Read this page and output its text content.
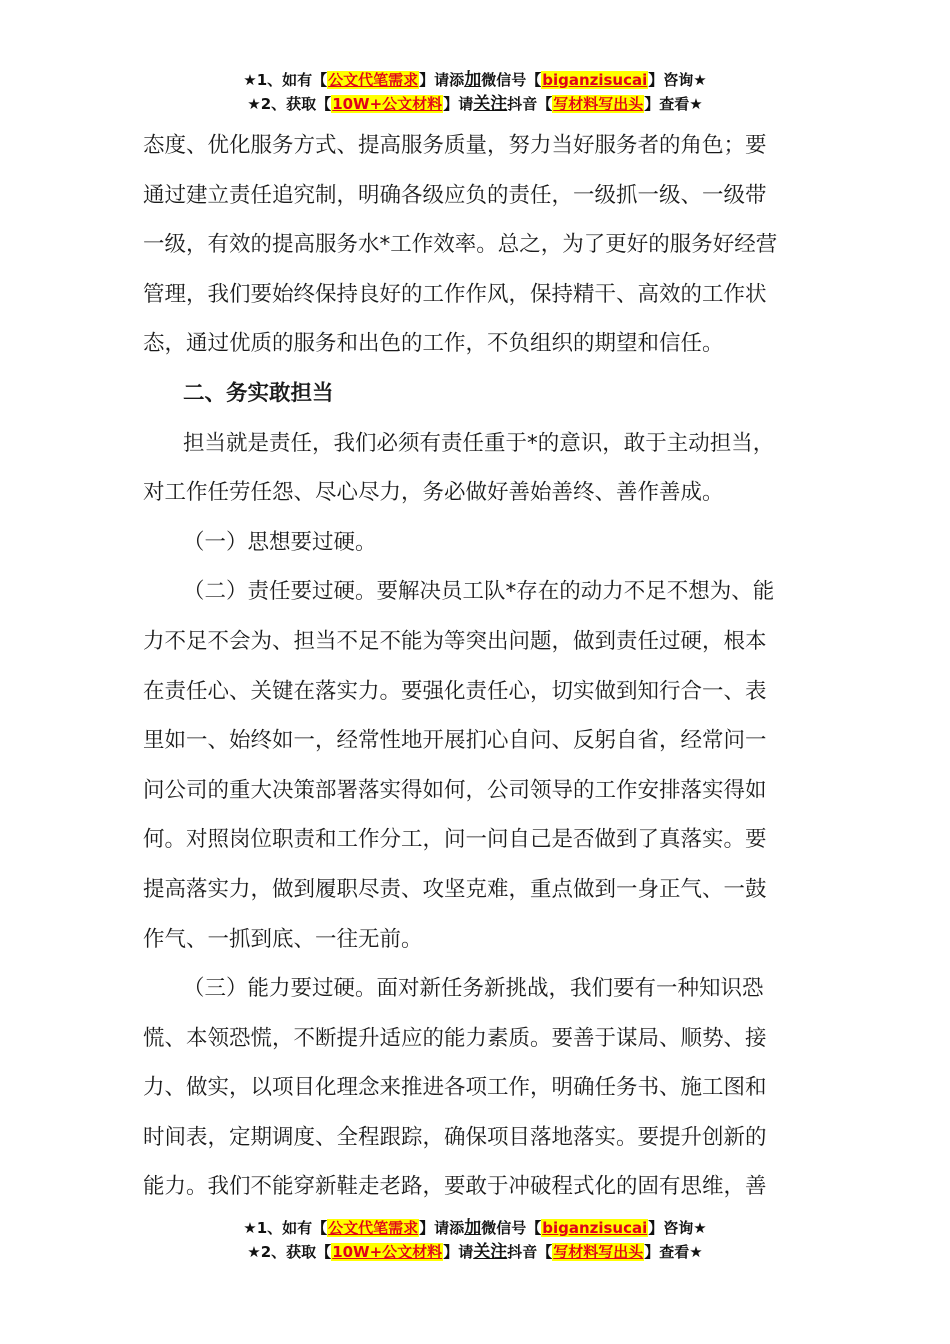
★1、如有【公文代笔需求】请添加微信号【biganzisucai】咨询★
★2、获取【10W+公文材料】请关注抖音【写材料写出头】查看★
态度、优化服务方式、提高服务质量，努力当好服务者的角色；要
通过建立责任追究制，明确各级应负的责任，一级抓一级、一级带
一级，有效的提高服务水*工作效率。总之，为了更好的服务好经营
管理，我们要始终保持良好的工作作风，保持精干、高效的工作状
态，通过优质的服务和出色的工作，不负组织的期望和信任。
二、务实敢担当
担当就是责任，我们必须有责任重于*的意识，敢于主动担当，
对工作任劳任怨、尽心尽力，务必做好善始善终、善作善成。
（一）思想要过硬。
（二）责任要过硬。要解决员工队*存在的动力不足不想为、能
力不足不会为、担当不足不能为等突出问题，做到责任过硬，根本
在责任心、关键在落实力。要强化责任心，切实做到知行合一、表
里如一、始终如一，经常性地开展扪心自问、反躬自省，经常问一
问公司的重大决策部署落实得如何，公司领导的工作安排落实得如
何。对照岗位职责和工作分工，问一问自己是否做到了真落实。要
提高落实力，做到履职尽责、攻坚克难，重点做到一身正气、一鼓
作气、一抓到底、一往无前。
（三）能力要过硬。面对新任务新挑战，我们要有一种知识恐
慌、本领恐慌，不断提升适应的能力素质。要善于谋局、顺势、接
力、做实，以项目化理念来推进各项工作，明确任务书、施工图和
时间表，定期调度、全程跟踪，确保项目落地落实。要提升创新的
能力。我们不能穿新鞋走老路，要敢于冲破程式化的固有思维，善
★1、如有【公文代笔需求】请添加微信号【biganzisucai】咨询★
★2、获取【10W+公文材料】请关注抖音【写材料写出头】查看★
